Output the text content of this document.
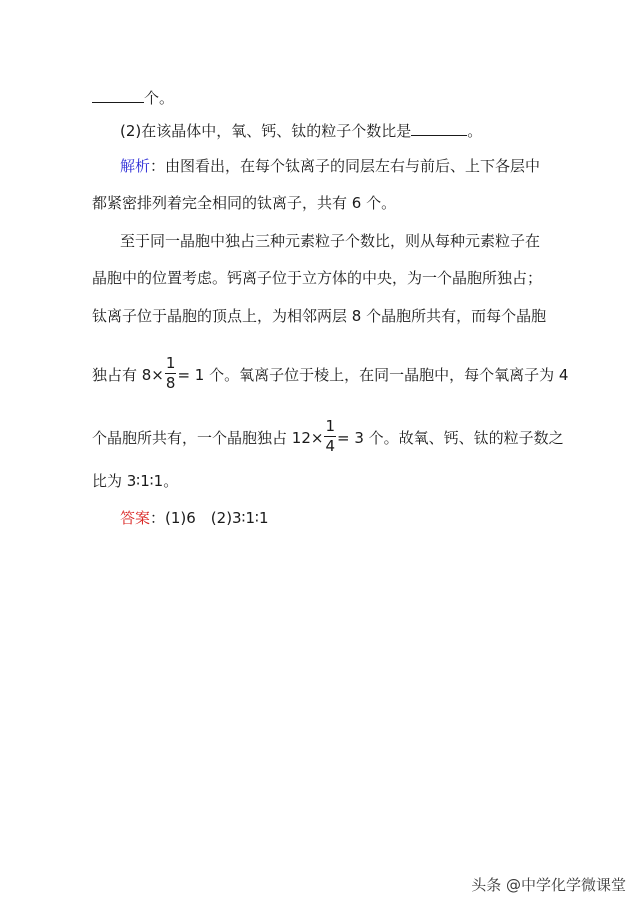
个。
(2)在该晶体中，氧、钙、钛的粒子个数比是	。
解析：由图看出，在每个钛离子的同层左右与前后、上下各层中
都紧密排列着完全相同的钛离子，共有 6 个。
至于同一晶胞中独占三种元素粒子个数比，则从每种元素粒子在
晶胞中的位置考虑。钙离子位于立方体的中央，为一个晶胞所独占；
钛离子位于晶胞的顶点上，为相邻两层 8 个晶胞所共有，而每个晶胞
独占有 $8\times \frac{1}{8} = 1$ 个。氧离子位于棱上，在同一晶胞中，每个氧离子为 4
个晶胞所共有，一个晶胞独占 $12\times \frac{1}{4} = 3$ 个。故氧、钙、钛的粒子数之
比为 3∶1∶1。
答案：(1)6　(2)3∶1∶1
头条 @中学化学微课堂
